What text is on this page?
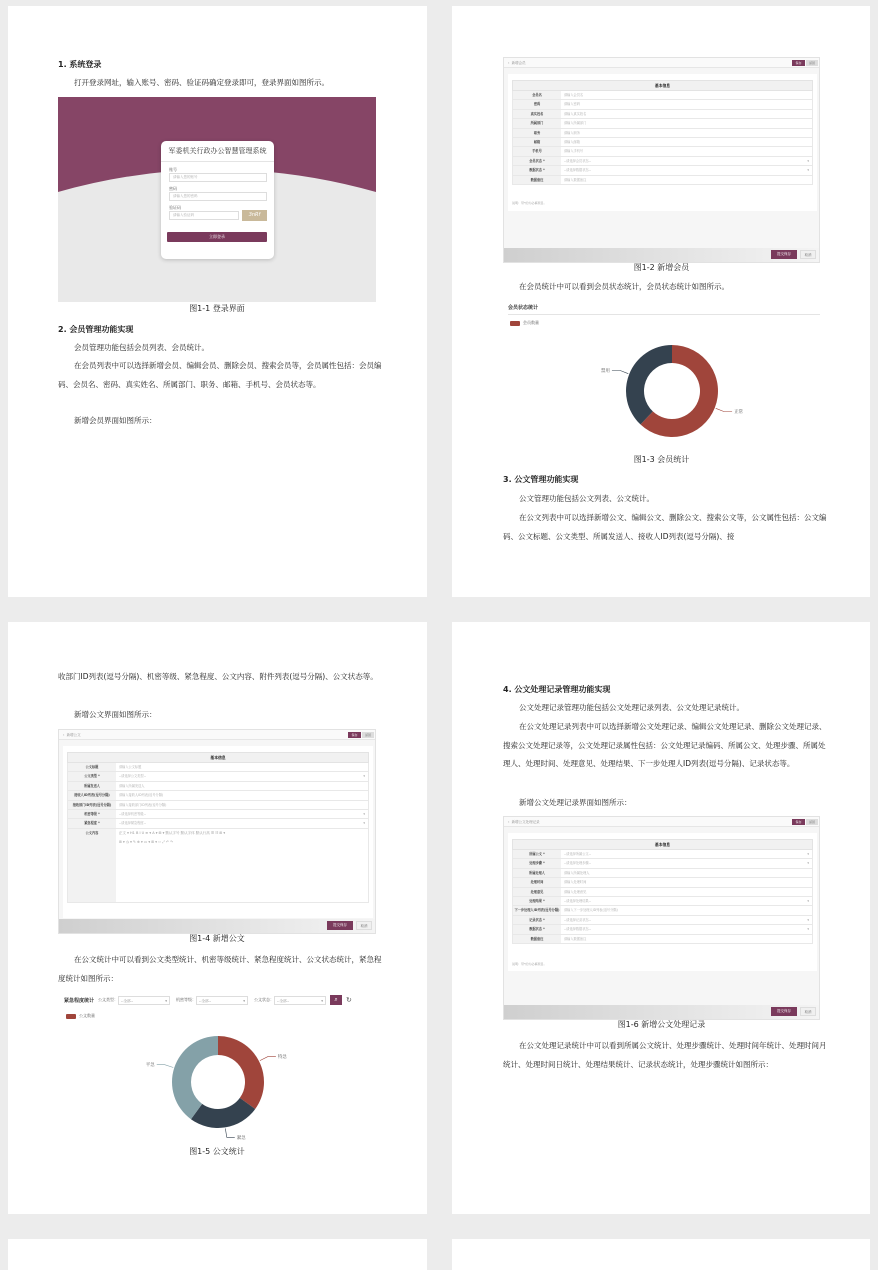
1. 系统登录
打开登录网址，输入账号、密码、验证码确定登录即可，登录界面如图所示。
军委机关行政办公智慧管理系统
账号
请输入您的账号
密码
请输入您的密码
验证码
请输入验证码	3nRf
立即登录
图1-1 登录界面
2. 会员管理功能实现
会员管理功能包括会员列表、会员统计。
在会员列表中可以选择新增会员、编辑会员、删除会员、搜索会员等，会员属性包括：会员编码、会员名、密码、真实姓名、所属部门、职务、邮箱、手机号、会员状态等。
新增会员界面如图所示：
‹ 新增会员	保存	返回
基本信息
会员名	请输入会员名
密码	请输入密码
真实姓名	请输入真实姓名
所属部门	请输入所属部门
职务	请输入职务
邮箱	请输入邮箱
手机号	请输入手机号
会员状态 *	--请选择会员状态--	▾
数据状态 *	--请选择数据状态--	▾
数据备注	请输入数据备注
说明：带*的为必填项目。
提交保存	取消
图1-2 新增会员
在会员统计中可以看到会员状态统计，会员状态统计如图所示。
会员状态统计
会员数量
正常
禁用
图1-3 会员统计
3. 公文管理功能实现
公文管理功能包括公文列表、公文统计。
在公文列表中可以选择新增公文、编辑公文、删除公文、搜索公文等，公文属性包括：公文编码、公文标题、公文类型、所属发送人、接收人ID列表(逗号分隔)、接
收部门ID列表(逗号分隔)、机密等级、紧急程度、公文内容、附件列表(逗号分隔)、公文状态等。
新增公文界面如图所示：
‹ 新增公文	保存	返回
基本信息
公文标题	请输入公文标题
公文类型 *	--请选择公文类型--	▾
所属发送人	请输入所属发送人
接收人ID列表(逗号分隔)	请输入接收人ID列表(逗号分隔)
接收部门ID列表(逗号分隔)	请输入接收部门ID列表(逗号分隔)
机密等级 *	--请选择机密等级--	▾
紧急程度 *	--请选择紧急程度--	▾
公文内容	正文 ▾ H1 B I U ≡ ▾ A ▾ ⊞ ▾ 默认字号 默认字体 默认行高 ☰ ☷ ⊞ ▾
⊞ ▾ ◷ ▾ ✎ ⊕ ▾ ▭ ▾ ⊞ ▾ ‹› ⤢ ↶ ↷
提交保存	取消
图1-4 新增公文
在公文统计中可以看到公文类型统计、机密等级统计、紧急程度统计、公文状态统计，紧急程度统计如图所示：
紧急程度统计 公文类型： --全部--	▾ 机密等级： --全部--	▾ 公文状态： --全部--	▾	⌕	↻
公文数量
特急
紧急
平急
图1-5 公文统计
4. 公文处理记录管理功能实现
公文处理记录管理功能包括公文处理记录列表、公文处理记录统计。
在公文处理记录列表中可以选择新增公文处理记录、编辑公文处理记录、删除公文处理记录、搜索公文处理记录等，公文处理记录属性包括：公文处理记录编码、所属公文、处理步骤、所属处理人、处理时间、处理意见、处理结果、下一步处理人ID列表(逗号分隔)、记录状态等。
新增公文处理记录界面如图所示：
‹ 新增公文处理记录	保存	返回
基本信息
所属公文 *	--请选择所属公文--	▾
处理步骤 *	--请选择处理步骤--	▾
所属处理人	请输入所属处理人
处理时间	请输入处理时间
处理意见	请输入处理意见
处理结果 *	--请选择处理结果--	▾
下一步处理人ID列表(逗号分隔)	请输入下一步处理人ID列表(逗号分隔)
记录状态 *	--请选择记录状态--	▾
数据状态 *	--请选择数据状态--	▾
数据备注	请输入数据备注
说明：带*的为必填项目。
提交保存	取消
图1-6 新增公文处理记录
在公文处理记录统计中可以看到所属公文统计、处理步骤统计、处理时间年统计、处理时间月统计、处理时间日统计、处理结果统计、记录状态统计，处理步骤统计如图所示：
